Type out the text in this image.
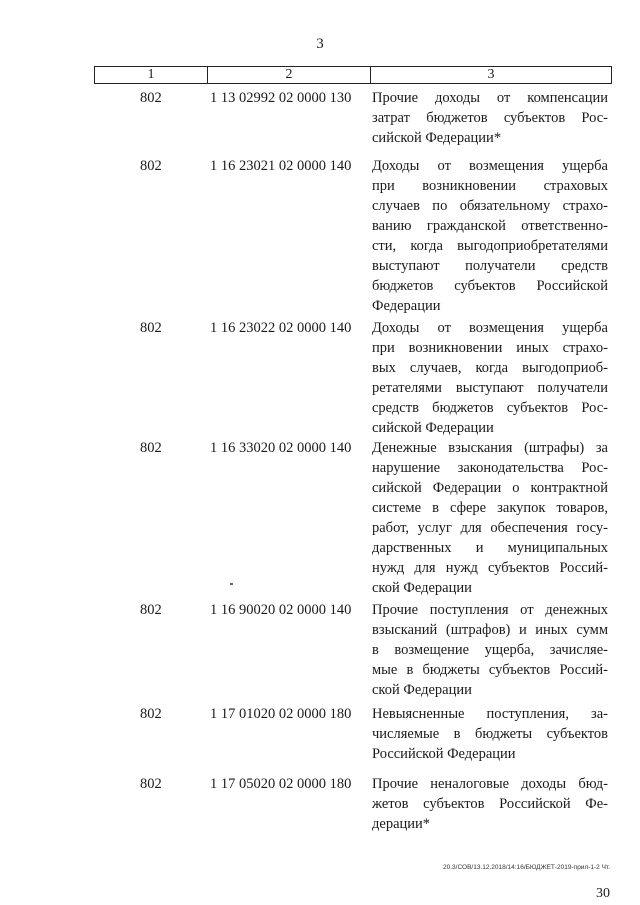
3
1	2	3
802	1 13 02992 02 0000 130 Прочие доходы от компенсации
затрат бюджетов субъектов Рос-
сийской Федерации*
802	1 16 23021 02 0000 140 Доходы от возмещения ущерба
при возникновении страховых
случаев по обязательному страхо-
ванию гражданской ответственно-
сти, когда выгодоприобретателями
выступают получатели средств
бюджетов субъектов Российской
Федерации
802	1 16 23022 02 0000 140 Доходы от возмещения ущерба
при возникновении иных страхо-
вых случаев, когда выгодоприоб-
ретателями выступают получатели
средств бюджетов субъектов Рос-
сийской Федерации
802	1 16 33020 02 0000 140 Денежные взыскания (штрафы) за
нарушение законодательства Рос-
сийской Федерации о контрактной
системе в сфере закупок товаров,
работ, услуг для обеспечения госу-
дарственных и муниципальных
нужд для нужд субъектов Россий-
ской Федерации
802	1 16 90020 02 0000 140 Прочие поступления от денежных
взысканий (штрафов) и иных сумм
в возмещение ущерба, зачисляе-
мые в бюджеты субъектов Россий-
ской Федерации
802	1 17 01020 02 0000 180 Невыясненные поступления, за-
числяемые в бюджеты субъектов
Российской Федерации
802	1 17 05020 02 0000 180 Прочие неналоговые доходы бюд-
жетов субъектов Российской Фе-
дерации*
20.3/СОВ/13.12.2018/14:16/БЮДЖЕТ-2019-прил-1-2 Чт.
30
